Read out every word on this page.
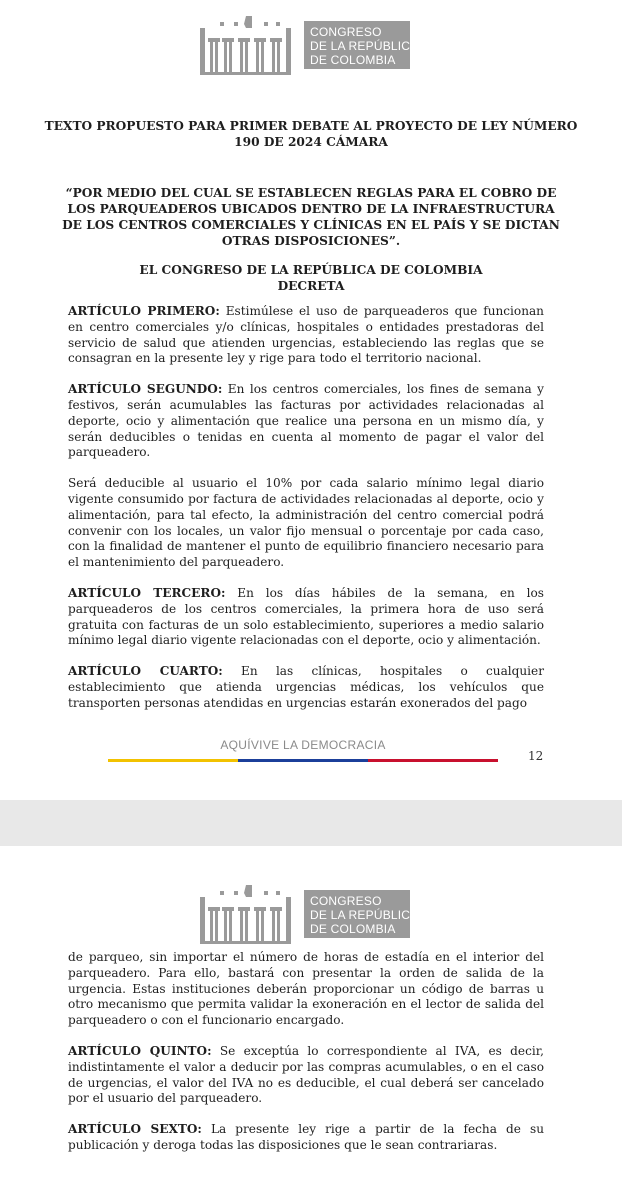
CONGRESO
DE LA REPÚBLICA
DE COLOMBIA
TEXTO PROPUESTO PARA PRIMER DEBATE AL PROYECTO DE LEY NÚMERO 190 DE 2024 CÁMARA
“POR MEDIO DEL CUAL SE ESTABLECEN REGLAS PARA EL COBRO DE LOS PARQUEADEROS UBICADOS DENTRO DE LA INFRAESTRUCTURA DE LOS CENTROS COMERCIALES Y CLÍNICAS EN EL PAÍS Y SE DICTAN OTRAS DISPOSICIONES”.
EL CONGRESO DE LA REPÚBLICA DE COLOMBIA
DECRETA

ARTÍCULO PRIMERO: Estimúlese el uso de parqueaderos que funcionan en centro comerciales y/o clínicas, hospitales o entidades prestadoras del servicio de salud que atienden urgencias, estableciendo las reglas que se consagran en la presente ley y rige para todo el territorio nacional.

ARTÍCULO SEGUNDO: En los centros comerciales, los fines de semana y festivos, serán acumulables las facturas por actividades relacionadas al deporte, ocio y alimentación que realice una persona en un mismo día, y serán deducibles o tenidas en cuenta al momento de pagar el valor del parqueadero.

Será deducible al usuario el 10% por cada salario mínimo legal diario vigente consumido por factura de actividades relacionadas al deporte, ocio y alimentación, para tal efecto, la administración del centro comercial podrá convenir con los locales, un valor fijo mensual o porcentaje por cada caso, con la finalidad de mantener el punto de equilibrio financiero necesario para el mantenimiento del parqueadero.

ARTÍCULO TERCERO: En los días hábiles de la semana, en los parqueaderos de los centros comerciales, la primera hora de uso será gratuita con facturas de un solo establecimiento, superiores a medio salario mínimo legal diario vigente relacionadas con el deporte, ocio y alimentación.

ARTÍCULO CUARTO: En las clínicas, hospitales o cualquier establecimiento que atienda urgencias médicas, los vehículos que transporten personas atendidas en urgencias estarán exonerados del pago

AQUÍVIVE LA DEMOCRACIA
12
CONGRESO
DE LA REPÚBLICA
DE COLOMBIA

de parqueo, sin importar el número de horas de estadía en el interior del parqueadero. Para ello, bastará con presentar la orden de salida de la urgencia. Estas instituciones deberán proporcionar un código de barras u otro mecanismo que permita validar la exoneración en el lector de salida del parqueadero o con el funcionario encargado.

ARTÍCULO QUINTO: Se exceptúa lo correspondiente al IVA, es decir, indistintamente el valor a deducir por las compras acumulables, o en el caso de urgencias, el valor del IVA no es deducible, el cual deberá ser cancelado por el usuario del parqueadero.

ARTÍCULO SEXTO: La presente ley rige a partir de la fecha de su publicación y deroga todas las disposiciones que le sean contrariaras.
